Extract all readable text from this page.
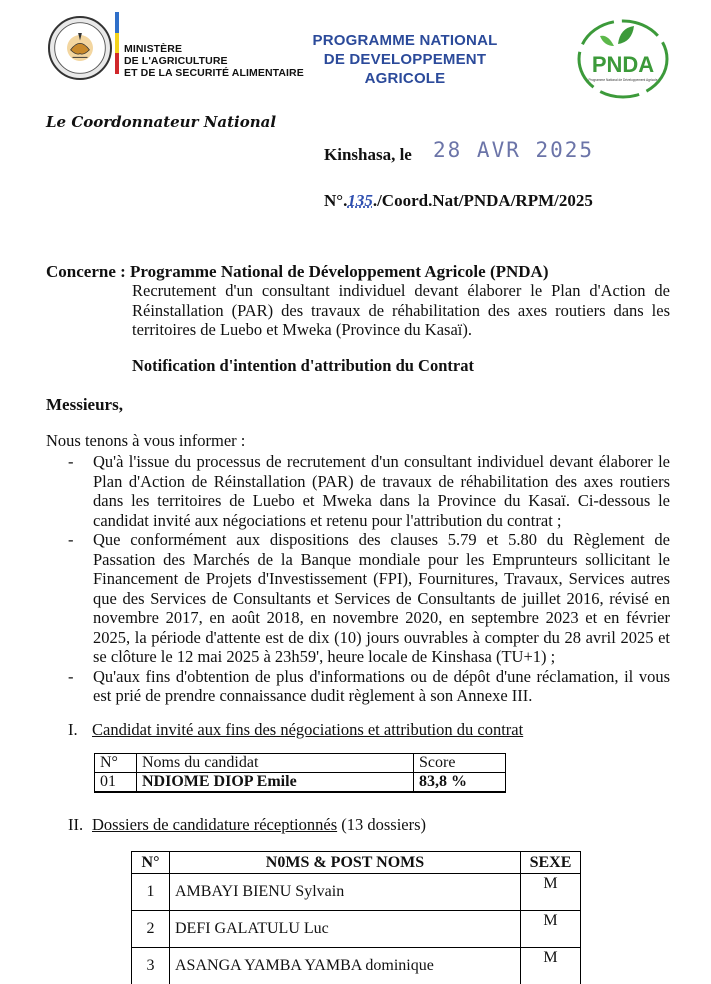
MINISTÈRE
DE L'AGRICULTURE
ET DE LA SECURITÉ ALIMENTAIRE
PROGRAMME NATIONAL
DE DEVELOPPEMENT
AGRICOLE
PNDA
Programme National de Développement Agricole
Le Coordonnateur National
Kinshasa, le 28 AVR 2025
N°.135./Coord.Nat/PNDA/RPM/2025
Concerne : Programme National de Développement Agricole (PNDA)
Recrutement d'un consultant individuel devant élaborer le Plan d'Action de Réinstallation (PAR) des travaux de réhabilitation des axes routiers dans les territoires de Luebo et Mweka (Province du Kasaï).
Notification d'intention d'attribution du Contrat
Messieurs,
Nous tenons à vous informer :
-	Qu'à l'issue du processus de recrutement d'un consultant individuel devant élaborer le Plan d'Action de Réinstallation (PAR) de travaux de réhabilitation des axes routiers dans les territoires de Luebo et Mweka dans la Province du Kasaï. Ci-dessous le candidat invité aux négociations et retenu pour l'attribution du contrat ;
-	Que conformément aux dispositions des clauses 5.79 et 5.80 du Règlement de Passation des Marchés de la Banque mondiale pour les Emprunteurs sollicitant le Financement de Projets d'Investissement (FPI), Fournitures, Travaux, Services autres que des Services de Consultants et Services de Consultants de juillet 2016, révisé en novembre 2017, en août 2018, en novembre 2020, en septembre 2023 et en février 2025, la période d'attente est de dix (10) jours ouvrables à compter du 28 avril 2025 et se clôture le 12 mai 2025 à 23h59', heure locale de Kinshasa (TU+1) ;
-	Qu'aux fins d'obtention de plus d'informations ou de dépôt d'une réclamation, il vous est prié de prendre connaissance dudit règlement à son Annexe III.
I. Candidat invité aux fins des négociations et attribution du contrat
N°	Noms du candidat	Score
01	NDIOME DIOP Emile	83,8 %
II. Dossiers de candidature réceptionnés (13 dossiers)
N°	N0MS & POST NOMS	SEXE
1	AMBAYI BIENU Sylvain	M
2	DEFI GALATULU Luc	M
3	ASANGA YAMBA YAMBA dominique	M
